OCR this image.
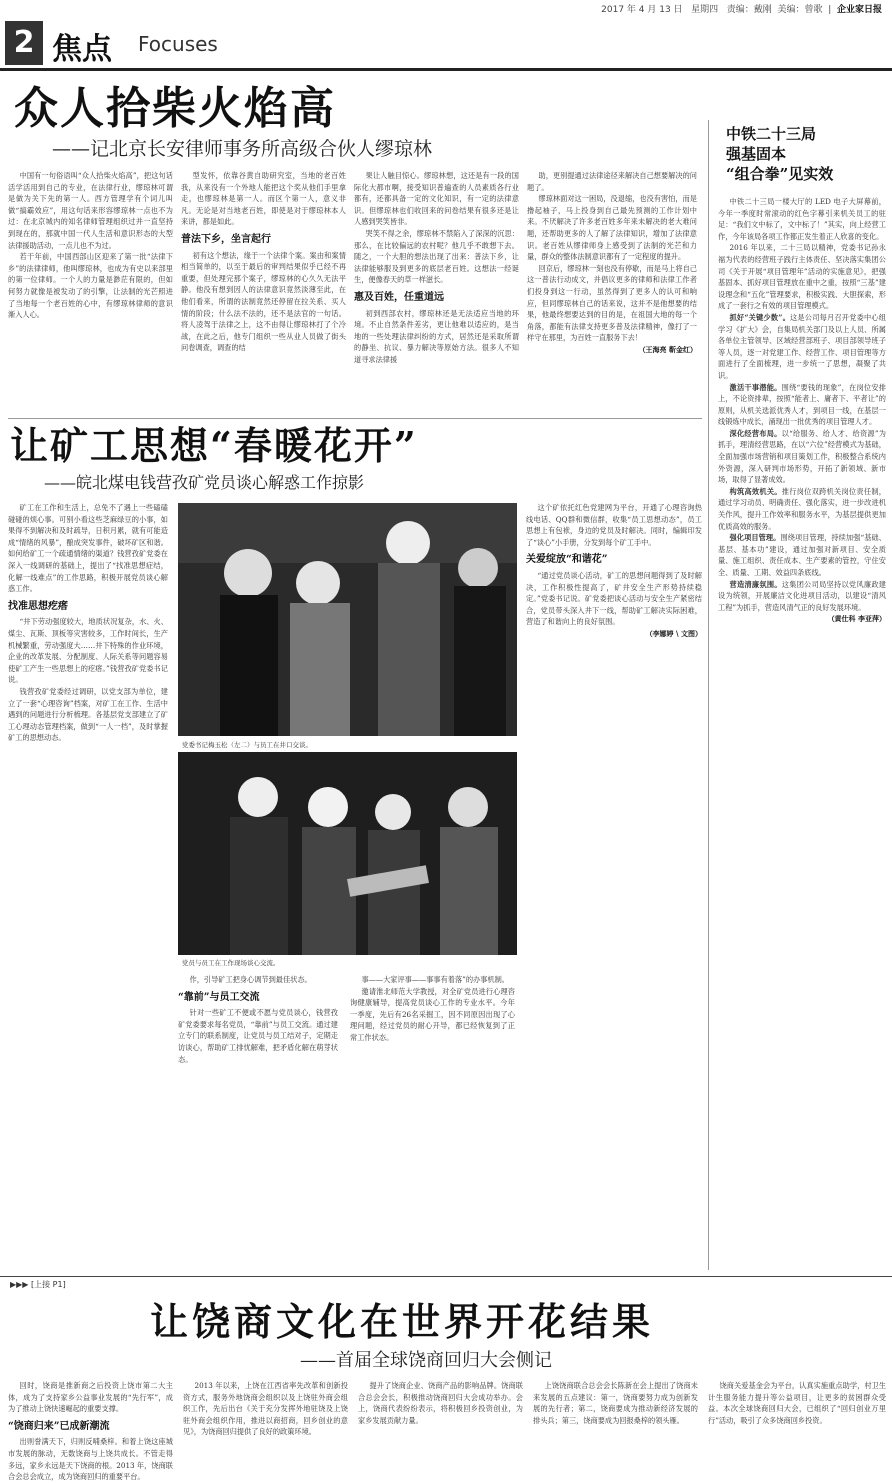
2017 年 4 月 13 日 星期四 责编：戴刚 美编：曾歌  |  企业家日报
2 焦点 Focuses
众人拾柴火焰高
——记北京长安律师事务所高级合伙人缪琼林

中国有一句俗语叫“众人拾柴火焰高”，把这句话活学活用到自己的专业，在法律行业，缪琼林可谓是做为关下先的第一人。西方管理学有个词儿叫做“搞霸效应”，用这句话来形容缪琼林一点也不为过：在北京城内的知名律师管理组织过并一直坚持到现在的，那就中国一代人生活和意识形态的大型法律援助活动，一点儿也不为过。

若干年前，中国西部山区迎来了第一批“法律下乡”的法律律师，他叫缪琼林，也成为有史以来部里的第一位律师。一个人的力量是渺茫有限的，但如何努力就像是被发动了的引擎，让法制的光芒照进了当地每一个老百姓的心中，有缪琼林律师的意识渐入人心。

型发怀，依靠谷黄自助研究室，当地的老百姓我，从来没有一个外地人能把这个奖从他们手里拿走，也缪琼林是第一人。而区个第一人，意义非凡。无论是对当地老百姓，即使是对于缪琼林本人来讲，都是如此。

普法下乡，坐言起行

初有这个想法，缘于一个法律个案。案由和案情相当简单的，以至于最后的审判结果似乎已经不再重要，但处理完那个案子，缪琼林的心久久无法平静。他没有想到因人的法律意识竟然淡薄至此，在他们看来，所谓的法制竟然还停留在拉关系、买人情的阶段；什么法不法的，还不是法官的一句话。将人凌驾于法律之上，这不由得让缪琼林打了个冷战，在此之后，他专门组织一些从业人员做了街头问卷调查，调查的结

果让人触目惊心。缪琼林想，这还是有一段的国际化大都市啊，接受知识普遍查的人员素质各行业都有，还都具备一定的文化知识，有一定的法律意识。但缪琼林也们收回来的问卷结果有很多还是让人感到哭笑皆非。

哭笑不得之余，缪琼林不禁陷入了深深的沉思：那么，在比较偏远的农村呢？他几乎不敢想下去。随之，一个大胆的想法出现了出来：普法下乡，让法律能够服及到更多的底层老百姓。这想法一经诞生，便像春天的草一样滋长。

惠及百姓，任重道远

初到西部农村，缪琼林还是无法适应当地的环境。不止自然条件差劣，更让他难以适应的，是当地的一些处理法律纠纷的方式，居然还是采取所谓的静坐、抗议、暴力解决等原始方法。很多人不知道寻求法律援

助，更别提通过法律途径来解决自己想要解决的问题了。

缪琼林面对这一困局，没退缩，也没有害怕，而是撸起袖子，马上投身到自己最先预测的工作计划中来。不厌解决了许多老百姓多年来未解决的老大难问题，还帮助更多的人了解了法律知识，增加了法律意识。老百姓从缪律师身上感受到了法制的光芒和力量，群众的整体法制意识都有了一定程度的提升。

回京后，缪琼林一刻也没有停歇，而是马上将自己这一普法行动成文，并倡议更多的律师和法律工作者们投身到这一行动，虽然得到了更多人的认可和响应，但同缪琼林自己的话来说，这并不是他想要的结果，他最终想要达到的目的是，在祖国大地的每一个角落，都能有法律支持更多普及法律精神，像打了一样守在那里，为百姓一直服务下去！

（王海亮 靳金红）

让矿工思想“春暖花开”
——皖北煤电钱营孜矿党员谈心解惑工作掠影

矿工在工作和生活上，总免不了遇上一些磕磕碰碰的烦心事。可别小看这些芝麻绿豆的小事，如果得不到解决和及时疏导，日积月累，就有可能造成“情绪的风暴”，酿成突发事件，破坏矿区和谐。如何给矿工一个疏通情绪的渠道？钱营孜矿党委在深入一线调研的基础上，提出了“找准思想症结，化解一线难点”的工作思路，积极开展党员谈心解惑工作。

找准思想疙瘩

“井下劳动强度较大，地质状况复杂，水、火、煤尘、瓦斯、顶板等灾害较多，工作时间长，生产机械繁重，劳动强度大……井下特殊的作业环境，企业的改革发展、分配制度、人际关系等问题容易使矿工产生一些思想上的疙瘩。”钱营孜矿党委书记说。

钱营孜矿党委经过调研，以党支部为单位，建立了一套“心理咨询”档案，对矿工在工作、生活中遇到的问题进行分析梳理。各基层党支部建立了矿工心理动态管理档案，做到“一人一档”，及时掌握矿工的思想动态。

党委书记梅玉松（左二）与员工在井口交谈。
党员与员工在工作现场谈心交流。

作，引导矿工把身心调节到最佳状态。

“靠前”与员工交流

针对一些矿工不便或不愿与党员谈心，钱营孜矿党委要求每名党员，“靠前”与员工交流。通过建立专门的联系制度，让党员与员工结对子，定期走访谈心，帮助矿工排忧解难，把矛盾化解在萌芽状态。

事——大家评事——事事有着落”的办事机制。

邀请淮北师范大学教授，对全矿党员进行心理咨询健康辅导，提高党员谈心工作的专业水平。今年一季度，先后有26名采掘工，因不同原因出现了心理问题，经过党员的耐心开导，都已经恢复到了正常工作状态。

这个矿依托红色党建网为平台，开通了心理咨询热线电话、QQ群和微信群，收集“员工思想动态”，员工思想上有包袱，身边的党员及时解决。同时，编辑印发了“谈心”小手册，分发到每个矿工手中。

关爱绽放“和谐花”

“通过党员谈心活动，矿工的思想问题得到了及时解决，工作积极性提高了，矿井安全生产形势持续稳定。”党委书记说。矿党委把谈心活动与安全生产紧密结合，党员带头深入井下一线，帮助矿工解决实际困难，营造了和谐向上的良好氛围。

（李娜婷 \ 文图）

中铁二十三局
强基固本
“组合拳”见实效

中铁二十三局一楼大厅的 LED 电子大屏幕前，今年一季度时常滚动的红色字幕引来机关员工的驻足：“我们文中标了，文中标了！”其实，向上经营工作，今年该局各项工作都正发生着正人欣喜的变化。

2016 年以来，二十三局以精神，党委书记孙永福为代表的经营班子践行主体责任、坚决落实集团公司《关于开展“项目管理年”活动的实施意见》，把强基固本、抓好项目管理放在重中之重，按照“三基”建设理念和“五化”管理要求，积极实践、大胆探索，形成了一套行之有效的项目管理模式。

抓好“关键少数”。这是公司每月召开党委中心组学习《扩大》会，自集局机关部门及以上人员、所属各单位主管领导、区域经营部班子、项目部领导班子等人员，逐一对党建工作、经营工作、项目管理等方面进行了全面梳理，进一步统一了思想，凝聚了共识。

激活干事潜能。围绕“要钱的现象”，在岗位安排上，不论资排辈，按照“能者上、庸者下、平者让”的原则，从机关选派优秀人才，到项目一线，在基层一线锻炼中成长，涌现出一批优秀的项目管理人才。

深化经营布局。以“给服务、给人才、给资源”为抓手，理清经营思路，在以“六位”经营模式为基础，全面加强市场营销和项目策划工作，积极整合系统内外资源，深入研判市场形势，开拓了新领域、新市场，取得了显著成效。

构筑高效机关。推行岗位双跨机关岗位责任制，通过学习动员、明确责任、强化落实，进一步改进机关作风，提升工作效率和服务水平，为基层提供更加优质高效的服务。

强化项目管理。围绕项目管理，持续加强“基础、基层、基本功”建设，通过加强对新项目、安全质量、施工组织、责任成本、生产要素的管控，守住安全、质量、工期、效益四条底线。

营造清廉氛围。这集团公司局坚持以党风廉政建设为统领，开展廉洁文化进项目活动，以建设“清风工程”为抓手，营造风清气正的良好发展环境。

（黄仕科 李亚萍）

▶▶▶ [上接 P1]
让饶商文化在世界开花结果
——首届全球饶商回归大会侧记

回时，饶商是推新商之后投资上饶市第二大主体，成为了支持家乡公益事业发展的“先行军”，成为了推动上饶快速崛起的重要支撑。

“饶商归来”已成新潮流

出则誉满天下，归则反哺桑梓。和着上饶这座城市发展的脉动，无数饶商与上饶共成长。不管走得多远，家乡永远是天下饶商的根。2013 年，饶商联合会总会成立，成为饶商回归的重要平台。

2013 年以来，上饶在江西省率先改革和创新投资方式，服务外地饶商会组织以及上饶驻外商会组织工作，先后出台《关于充分发挥外地驻饶及上饶驻外商会组织作用，推进以商招商，回乡创业的意见》，为饶商回归提供了良好的政策环境。

提升了饶商企业、饶商产品的影响品牌。饶商联合总会会长，积极推动饶商回归大会成功举办。会上，饶商代表纷纷表示，将积极回乡投资创业，为家乡发展贡献力量。

上饶饶商联合总会会长陈新在会上提出了饶商未来发展的五点建议：第一，饶商要努力成为创新发展的先行者；第二，饶商要成为推动新经济发展的排头兵；第三，饶商要成为回报桑梓的领头雁。

饶商关爱基金会为平台，认真实施重点助学，村卫生计生服务能力提升等公益项目，让更多的贫困群众受益。本次全球饶商回归大会，已组织了“回归创业万里行”活动，吸引了众多饶商回乡投资。
